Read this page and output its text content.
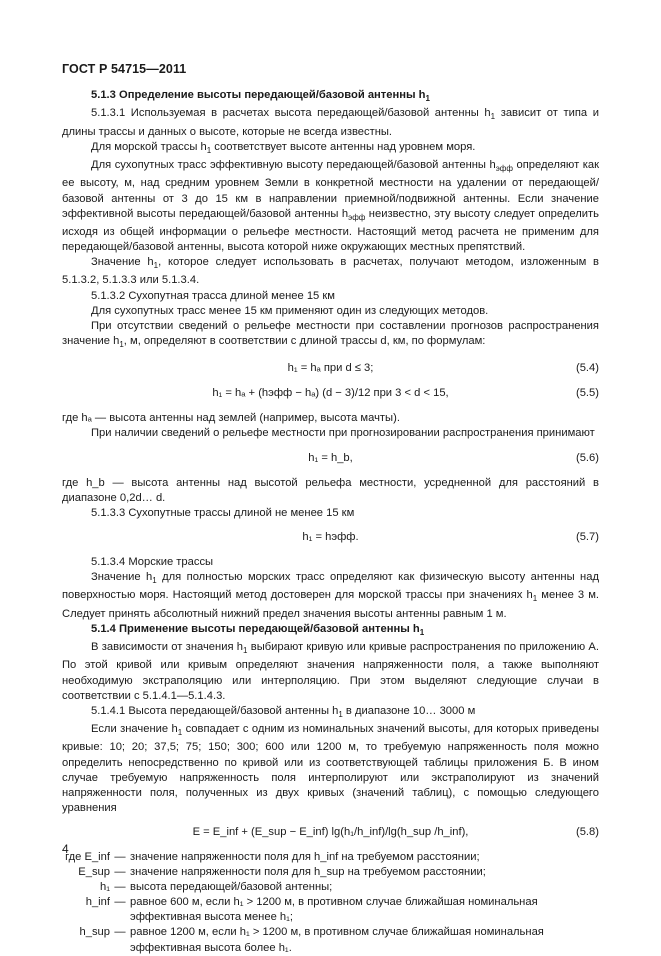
ГОСТ Р 54715—2011

5.1.3 Определение высоты передающей/базовой антенны $h_1$

5.1.3.1 Используемая в расчетах высота передающей/базовой антенны $h_1$ зависит от типа и длины трассы и данных о высоте, которые не всегда известны.

Для морской трассы $h_1$ соответствует высоте антенны над уровнем моря.

Для сухопутных трасс эффективную высоту передающей/базовой антенны $h_{эфф}$ определяют как ее высоту, м, над средним уровнем Земли в конкретной местности на удалении от передающей/базовой антенны от 3 до 15 км в направлении приемной/подвижной антенны. Если значение эффективной высоты передающей/базовой антенны $h_{эфф}$ неизвестно, эту высоту следует определить исходя из общей информации о рельефе местности. Настоящий метод расчета не применим для передающей/базовой антенны, высота которой ниже окружающих местных препятствий.

Значение $h_1$, которое следует использовать в расчетах, получают методом, изложенным в 5.1.3.2, 5.1.3.3 или 5.1.3.4.

5.1.3.2 Сухопутная трасса длиной менее 15 км

Для сухопутных трасс менее 15 км применяют один из следующих методов.

При отсутствии сведений о рельефе местности при составлении прогнозов распространения значение $h_1$, м, определяют в соответствии с длиной трассы d, км, по формулам:

h₁ = hₐ при d ≤ 3;	(5.4)
h₁ = hₐ + (hэфф − hₐ) (d − 3)/12 при 3 < d < 15,	(5.5)

где hₐ — высота антенны над землей (например, высота мачты).

При наличии сведений о рельефе местности при прогнозировании распространения принимают

h₁ = h_b,	(5.6)

где h_b — высота антенны над высотой рельефа местности, усредненной для расстояний в диапазоне 0,2d… d.

5.1.3.3 Сухопутные трассы длиной не менее 15 км

h₁ = hэфф.	(5.7)

5.1.3.4 Морские трассы

Значение $h_1$ для полностью морских трасс определяют как физическую высоту антенны над поверхностью моря. Настоящий метод достоверен для морской трассы при значениях $h_1$ менее 3 м. Следует принять абсолютный нижний предел значения высоты антенны равным 1 м.

5.1.4 Применение высоты передающей/базовой антенны $h_1$

В зависимости от значения $h_1$ выбирают кривую или кривые распространения по приложению А. По этой кривой или кривым определяют значения напряженности поля, а также выполняют необходимую экстраполяцию или интерполяцию. При этом выделяют следующие случаи в соответствии с 5.1.4.1—5.1.4.3.

5.1.4.1 Высота передающей/базовой антенны $h_1$ в диапазоне 10… 3000 м

Если значение $h_1$ совпадает с одним из номинальных значений высоты, для которых приведены кривые: 10; 20; 37,5; 75; 150; 300; 600 или 1200 м, то требуемую напряженность поля можно определить непосредственно по кривой или из соответствующей таблицы приложения Б. В ином случае требуемую напряженность поля интерполируют или экстраполируют из значений напряженности поля, полученных из двух кривых (значений таблиц), с помощью следующего уравнения

E = E_inf + (E_sup − E_inf) lg(h₁/h_inf)/lg(h_sup /h_inf),	(5.8)
где E_inf — значение напряженности поля для h_inf на требуемом расстоянии;
E_sup — значение напряженности поля для h_sup на требуемом расстоянии;
h₁ — высота передающей/базовой антенны;
h_inf — равное 600 м, если h₁ > 1200 м, в противном случае ближайшая номинальная эффективная высота менее h₁;
h_sup — равное 1200 м, если h₁ > 1200 м, в противном случае ближайшая номинальная эффективная высота более h₁.
4
